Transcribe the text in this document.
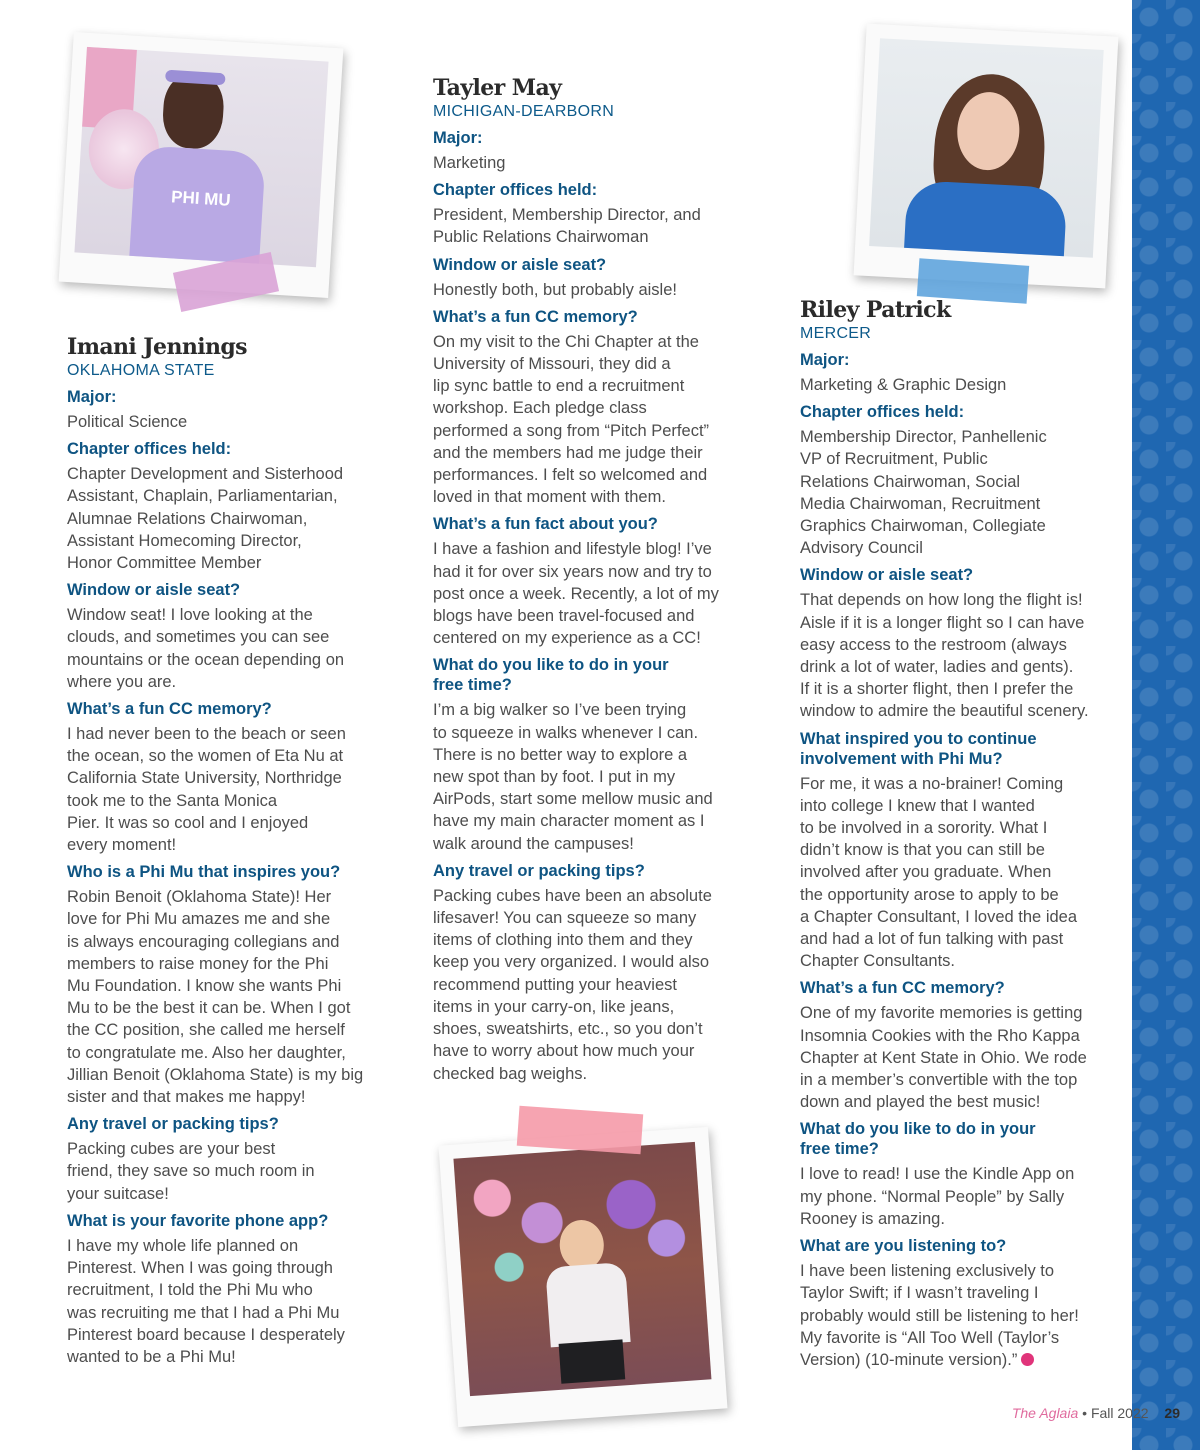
PHI MU
Imani Jennings
OKLAHOMA STATE
Major:
Political Science
Chapter offices held:
Chapter Development and Sisterhood
Assistant, Chaplain, Parliamentarian,
Alumnae Relations Chairwoman,
Assistant Homecoming Director,
Honor Committee Member
Window or aisle seat?
Window seat! I love looking at the
clouds, and sometimes you can see
mountains or the ocean depending on
where you are.
What’s a fun CC memory?
I had never been to the beach or seen
the ocean, so the women of Eta Nu at
California State University, Northridge
took me to the Santa Monica
Pier. It was so cool and I enjoyed
every moment!
Who is a Phi Mu that inspires you?
Robin Benoit (Oklahoma State)! Her
love for Phi Mu amazes me and she
is always encouraging collegians and
members to raise money for the Phi
Mu Foundation. I know she wants Phi
Mu to be the best it can be. When I got
the CC position, she called me herself
to congratulate me. Also her daughter,
Jillian Benoit (Oklahoma State) is my big
sister and that makes me happy!
Any travel or packing tips?
Packing cubes are your best
friend, they save so much room in
your suitcase!
What is your favorite phone app?
I have my whole life planned on
Pinterest. When I was going through
recruitment, I told the Phi Mu who
was recruiting me that I had a Phi Mu
Pinterest board because I desperately
wanted to be a Phi Mu!
Tayler May
MICHIGAN-DEARBORN
Major:
Marketing
Chapter offices held:
President, Membership Director, and
Public Relations Chairwoman
Window or aisle seat?
Honestly both, but probably aisle!
What’s a fun CC memory?
On my visit to the Chi Chapter at the
University of Missouri, they did a
lip sync battle to end a recruitment
workshop. Each pledge class
performed a song from “Pitch Perfect”
and the members had me judge their
performances. I felt so welcomed and
loved in that moment with them.
What’s a fun fact about you?
I have a fashion and lifestyle blog! I’ve
had it for over six years now and try to
post once a week. Recently, a lot of my
blogs have been travel-focused and
centered on my experience as a CC!
What do you like to do in your
free time?
I’m a big walker so I’ve been trying
to squeeze in walks whenever I can.
There is no better way to explore a
new spot than by foot. I put in my
AirPods, start some mellow music and
have my main character moment as I
walk around the campuses!
Any travel or packing tips?
Packing cubes have been an absolute
lifesaver! You can squeeze so many
items of clothing into them and they
keep you very organized. I would also
recommend putting your heaviest
items in your carry-on, like jeans,
shoes, sweatshirts, etc., so you don’t
have to worry about how much your
checked bag weighs.
Riley Patrick
MERCER
Major:
Marketing & Graphic Design
Chapter offices held:
Membership Director, Panhellenic
VP of Recruitment, Public
Relations Chairwoman, Social
Media Chairwoman, Recruitment
Graphics Chairwoman, Collegiate
Advisory Council
Window or aisle seat?
That depends on how long the flight is!
Aisle if it is a longer flight so I can have
easy access to the restroom (always
drink a lot of water, ladies and gents).
If it is a shorter flight, then I prefer the
window to admire the beautiful scenery.
What inspired you to continue
involvement with Phi Mu?
For me, it was a no-brainer! Coming
into college I knew that I wanted
to be involved in a sorority. What I
didn’t know is that you can still be
involved after you graduate. When
the opportunity arose to apply to be
a Chapter Consultant, I loved the idea
and had a lot of fun talking with past
Chapter Consultants.
What’s a fun CC memory?
One of my favorite memories is getting
Insomnia Cookies with the Rho Kappa
Chapter at Kent State in Ohio. We rode
in a member’s convertible with the top
down and played the best music!
What do you like to do in your
free time?
I love to read! I use the Kindle App on
my phone. “Normal People” by Sally
Rooney is amazing.
What are you listening to?
I have been listening exclusively to
Taylor Swift; if I wasn’t traveling I
probably would still be listening to her!
My favorite is “All Too Well (Taylor’s
Version) (10-minute version).”
The Aglaia • Fall 2022 29
